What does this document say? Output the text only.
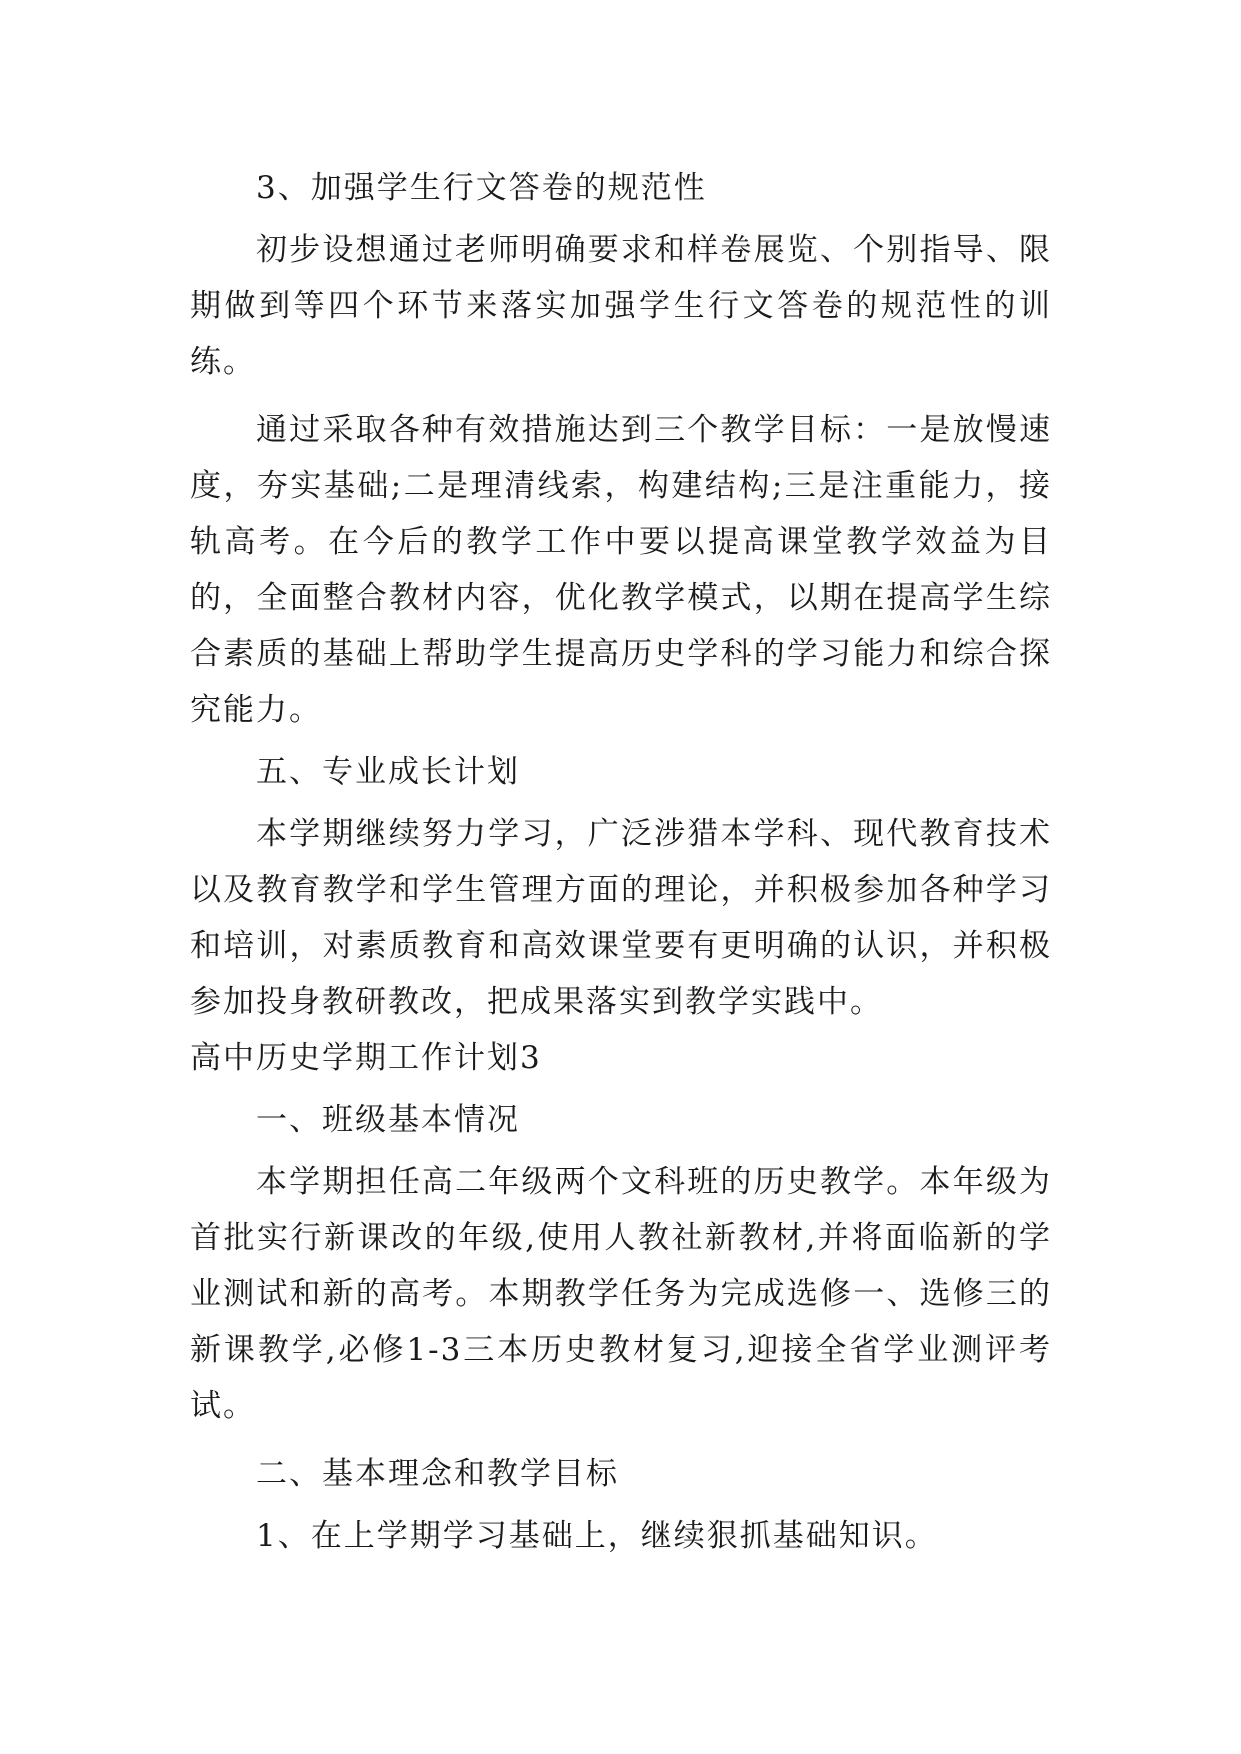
3、加强学生行文答卷的规范性

初步设想通过老师明确要求和样卷展览、个别指导、限期做到等四个环节来落实加强学生行文答卷的规范性的训练。

通过采取各种有效措施达到三个教学目标：一是放慢速度，夯实基础;二是理清线索，构建结构;三是注重能力，接轨高考。在今后的教学工作中要以提高课堂教学效益为目的，全面整合教材内容，优化教学模式，以期在提高学生综合素质的基础上帮助学生提高历史学科的学习能力和综合探究能力。

五、专业成长计划

本学期继续努力学习，广泛涉猎本学科、现代教育技术以及教育教学和学生管理方面的理论，并积极参加各种学习和培训，对素质教育和高效课堂要有更明确的认识，并积极参加投身教研教改，把成果落实到教学实践中。

高中历史学期工作计划3

一、班级基本情况

本学期担任高二年级两个文科班的历史教学。本年级为首批实行新课改的年级,使用人教社新教材,并将面临新的学业测试和新的高考。本期教学任务为完成选修一、选修三的新课教学,必修1-3三本历史教材复习,迎接全省学业测评考试。

二、基本理念和教学目标

1、在上学期学习基础上，继续狠抓基础知识。
